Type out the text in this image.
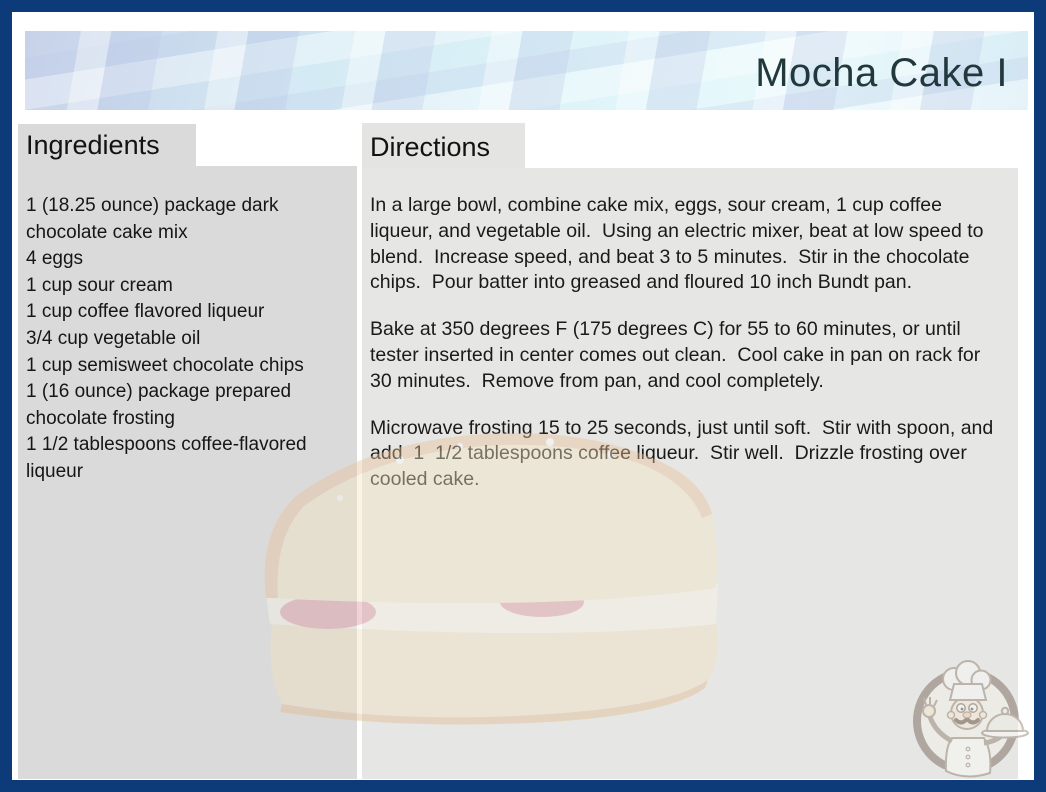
Mocha Cake I
Ingredients
1 (18.25 ounce) package dark chocolate cake mix
4 eggs
1 cup sour cream
1 cup coffee flavored liqueur
3/4 cup vegetable oil
1 cup semisweet chocolate chips
1 (16 ounce) package prepared chocolate frosting
1 1/2 tablespoons coffee-flavored liqueur
Directions

In a large bowl, combine cake mix, eggs, sour cream, 1 cup coffee liqueur, and vegetable oil.  Using an electric mixer, beat at low speed to blend.  Increase speed, and beat 3 to 5 minutes.  Stir in the chocolate chips.  Pour batter into greased and floured 10 inch Bundt pan.

Bake at 350 degrees F (175 degrees C) for 55 to 60 minutes, or until tester inserted in center comes out clean.  Cool cake in pan on rack for 30 minutes.  Remove from pan, and cool completely.

Microwave frosting 15 to 25 seconds, just until soft.  Stir with spoon, and add  1  1/2 tablespoons coffee liqueur.  Stir well.  Drizzle frosting over cooled cake.
